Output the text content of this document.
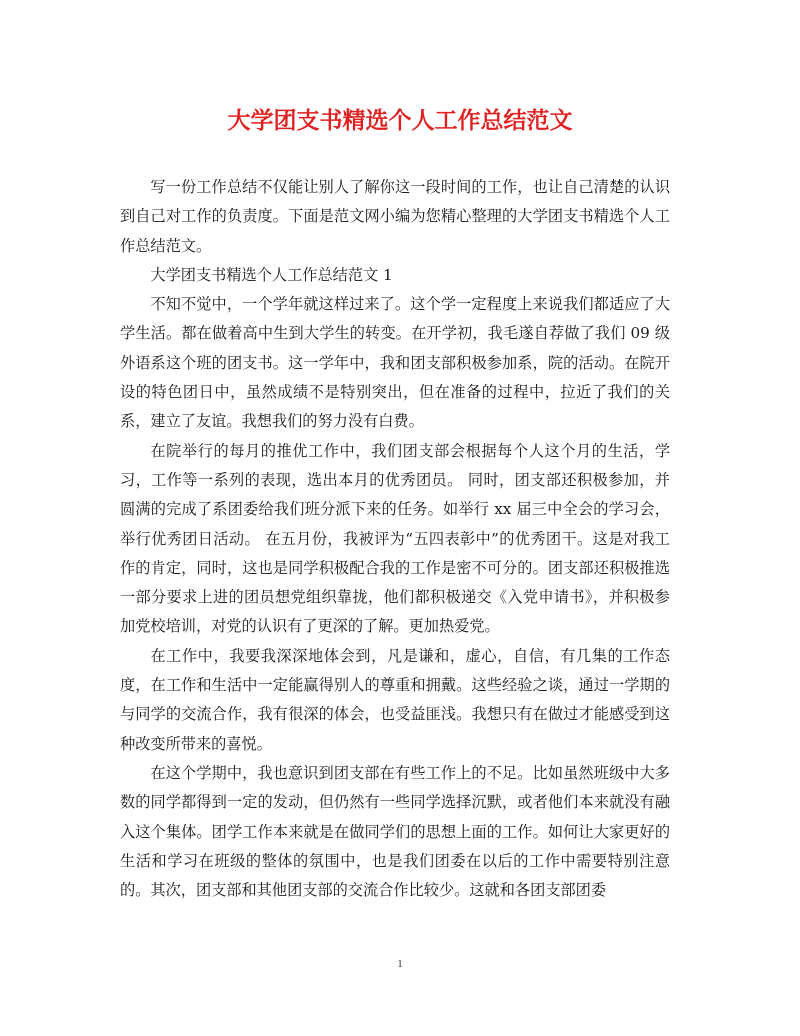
大学团支书精选个人工作总结范文

写一份工作总结不仅能让别人了解你这一段时间的工作，也让自己清楚的认识到自己对工作的负责度。下面是范文网小编为您精心整理的大学团支书精选个人工作总结范文。

大学团支书精选个人工作总结范文 1

不知不觉中，一个学年就这样过来了。这个学一定程度上来说我们都适应了大学生活。都在做着高中生到大学生的转变。在开学初，我毛遂自荐做了我们 09 级外语系这个班的团支书。这一学年中，我和团支部积极参加系，院的活动。在院开设的特色团日中，虽然成绩不是特别突出，但在准备的过程中，拉近了我们的关系，建立了友谊。我想我们的努力没有白费。

在院举行的每月的推优工作中，我们团支部会根据每个人这个月的生活，学习，工作等一系列的表现，选出本月的优秀团员。 同时，团支部还积极参加，并圆满的完成了系团委给我们班分派下来的任务。如举行 xx 届三中全会的学习会，举行优秀团日活动。 在五月份，我被评为“五四表彰中”的优秀团干。这是对我工作的肯定，同时，这也是同学积极配合我的工作是密不可分的。团支部还积极推选一部分要求上进的团员想党组织靠拢，他们都积极递交《入党申请书》，并积极参加党校培训，对党的认识有了更深的了解。更加热爱党。

在工作中，我要我深深地体会到，凡是谦和，虚心，自信，有几集的工作态度，在工作和生活中一定能赢得别人的尊重和拥戴。这些经验之谈，通过一学期的与同学的交流合作，我有很深的体会，也受益匪浅。我想只有在做过才能感受到这种改变所带来的喜悦。

在这个学期中，我也意识到团支部在有些工作上的不足。比如虽然班级中大多数的同学都得到一定的发动，但仍然有一些同学选择沉默，或者他们本来就没有融入这个集体。团学工作本来就是在做同学们的思想上面的工作。如何让大家更好的生活和学习在班级的整体的氛围中，也是我们团委在以后的工作中需要特别注意的。其次，团支部和其他团支部的交流合作比较少。这就和各团支部团委

1
